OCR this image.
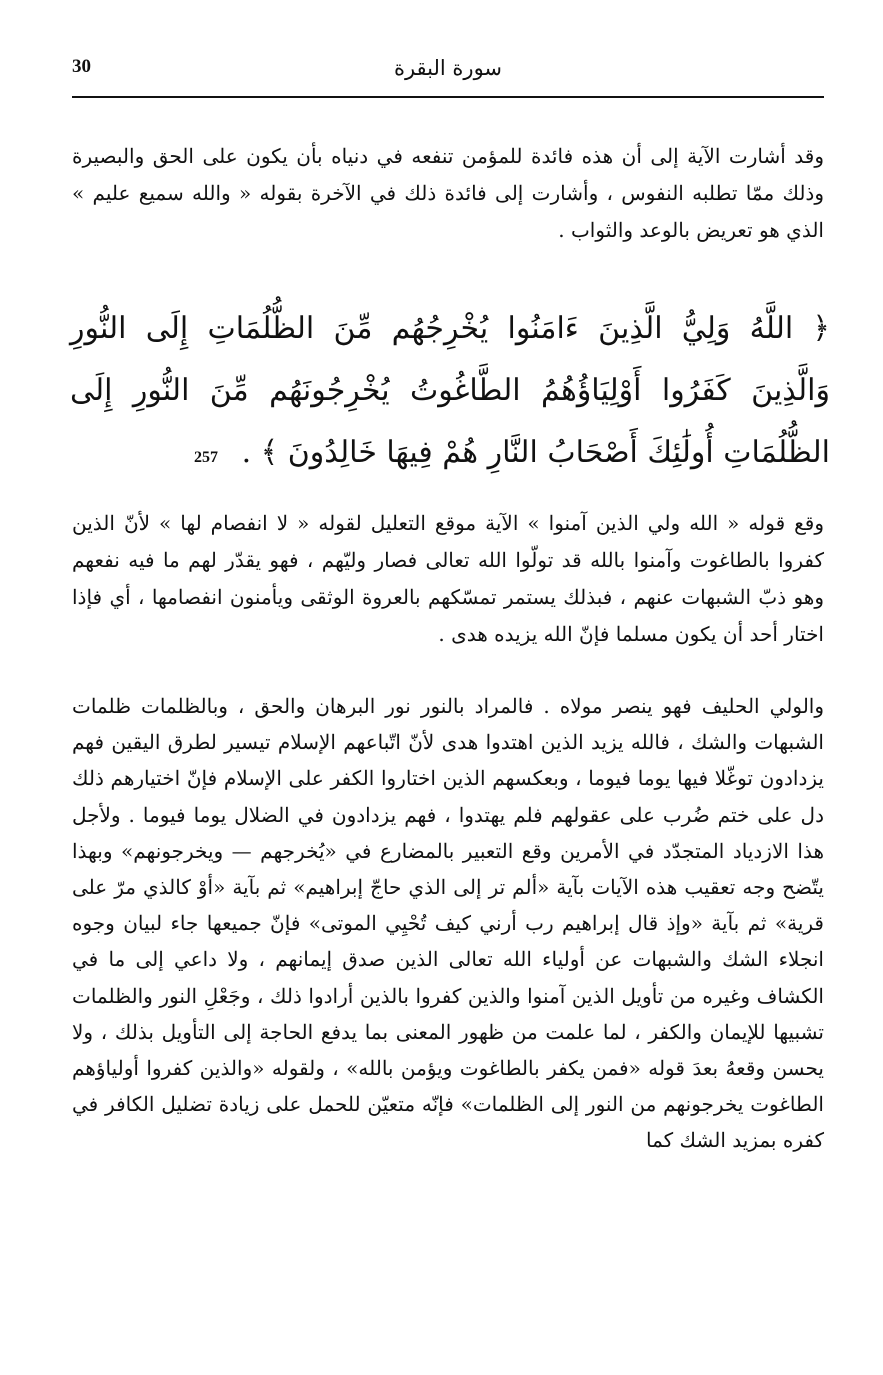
30	سورة البقرة

وقد أشارت الآية إلى أن هذه فائدة للمؤمن تنفعه في دنياه بأن يكون على الحق والبصيرة وذلك ممّا تطلبه النفوس ، وأشارت إلى فائدة ذلك في الآخرة بقوله « والله سميع عليم » الذي هو تعريض بالوعد والثواب .

﴿ اللَّهُ وَلِيُّ الَّذِينَ ءَامَنُوا يُخْرِجُهُم مِّنَ الظُّلُمَاتِ إِلَى النُّورِ وَالَّذِينَ كَفَرُوا أَوْلِيَاؤُهُمُ الطَّاغُوتُ يُخْرِجُونَهُم مِّنَ النُّورِ إِلَى الظُّلُمَاتِ أُولَٰئِكَ أَصْحَابُ النَّارِ هُمْ فِيهَا خَالِدُونَ ﴾ . 257

وقع قوله « الله ولي الذين آمنوا » الآية موقع التعليل لقوله « لا انفصام لها » لأنّ الذين كفروا بالطاغوت وآمنوا بالله قد تولّوا الله تعالى فصار وليّهم ، فهو يقدّر لهم ما فيه نفعهم وهو ذبّ الشبهات عنهم ، فبذلك يستمر تمسّكهم بالعروة الوثقى ويأمنون انفصامها ، أي فإذا اختار أحد أن يكون مسلما فإنّ الله يزيده هدى .

والولي الحليف فهو ينصر مولاه . فالمراد بالنور نور البرهان والحق ، وبالظلمات ظلمات الشبهات والشك ، فالله يزيد الذين اهتدوا هدى لأنّ اتّباعهم الإسلام تيسير لطرق اليقين فهم يزدادون توغّلا فيها يوما فيوما ، وبعكسهم الذين اختاروا الكفر على الإسلام فإنّ اختيارهم ذلك دل على ختم ضُرب على عقولهم فلم يهتدوا ، فهم يزدادون في الضلال يوما فيوما . ولأجل هذا الازدياد المتجدّد في الأمرين وقع التعبير بالمضارع في «يُخرجهم — ويخرجونهم» وبهذا يتّضح وجه تعقيب هذه الآيات بآية «ألم تر إلى الذي حاجّ إبراهيم» ثم بآية «أوْ كالذي مرّ على قرية» ثم بآية «وإذ قال إبراهيم رب أرني كيف تُحْيِي الموتى» فإنّ جميعها جاء لبيان وجوه انجلاء الشك والشبهات عن أولياء الله تعالى الذين صدق إيمانهم ، ولا داعي إلى ما في الكشاف وغيره من تأويل الذين آمنوا والذين كفروا بالذين أرادوا ذلك ، وجَعْلِ النور والظلمات تشبيها للإيمان والكفر ، لما علمت من ظهور المعنى بما يدفع الحاجة إلى التأويل بذلك ، ولا يحسن وقعهُ بعدَ قوله «فمن يكفر بالطاغوت ويؤمن بالله» ، ولقوله «والذين كفروا أولياؤهم الطاغوت يخرجونهم من النور إلى الظلمات» فإنّه متعيّن للحمل على زيادة تضليل الكافر في كفره بمزيد الشك كما
